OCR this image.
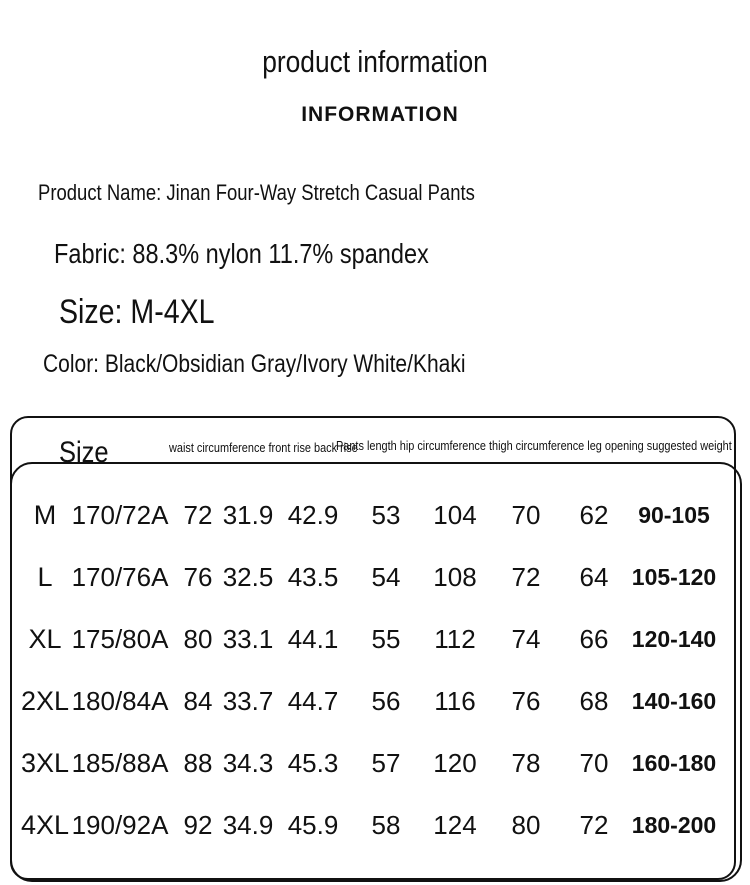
product information
INFORMATION
Product Name: Jinan Four-Way Stretch Casual Pants
Fabric: 88.3% nylon 11.7% spandex
Size: M-4XL
Color: Black/Obsidian Gray/Ivory White/Khaki
Size	waist circumference front rise back rise
Pants length hip circumference thigh circumference leg opening suggested weight
M 170/72A 72 31.9 42.9 53 104 70 62 90-105
L 170/76A 76 32.5 43.5 54 108 72 64 105-120
XL 175/80A 80 33.1 44.1 55 112 74 66 120-140
2XL 180/84A 84 33.7 44.7 56 116 76 68 140-160
3XL 185/88A 88 34.3 45.3 57 120 78 70 160-180
4XL 190/92A 92 34.9 45.9 58 124 80 72 180-200
